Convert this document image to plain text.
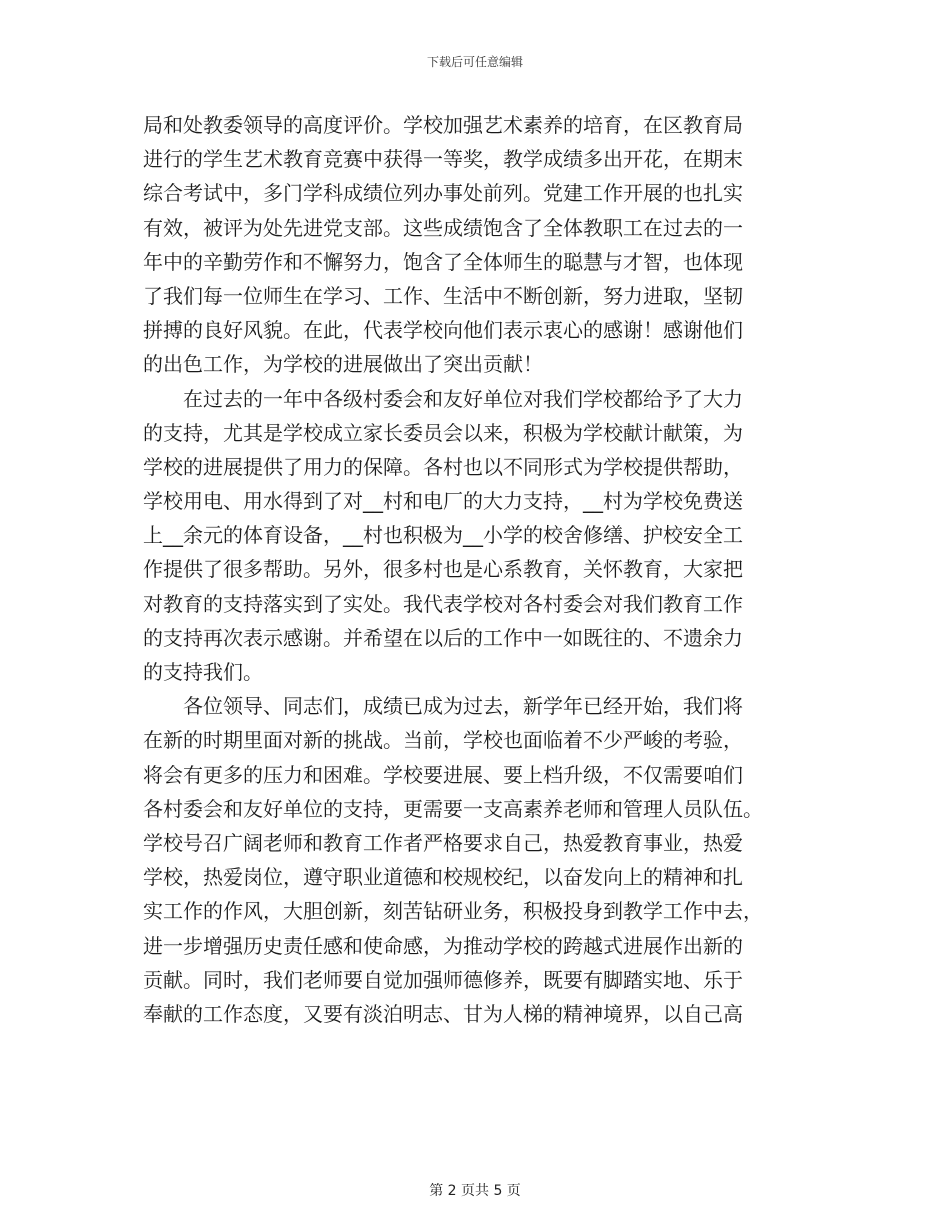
下载后可任意编辑
局和处教委领导的高度评价。学校加强艺术素养的培育，在区教育局
进行的学生艺术教育竞赛中获得一等奖，教学成绩多出开花，在期末
综合考试中，多门学科成绩位列办事处前列。党建工作开展的也扎实
有效，被评为处先进党支部。这些成绩饱含了全体教职工在过去的一
年中的辛勤劳作和不懈努力，饱含了全体师生的聪慧与才智，也体现
了我们每一位师生在学习、工作、生活中不断创新，努力进取，坚韧
拼搏的良好风貌。在此，代表学校向他们表示衷心的感谢！感谢他们
的出色工作，为学校的进展做出了突出贡献！
　　在过去的一年中各级村委会和友好单位对我们学校都给予了大力
的支持，尤其是学校成立家长委员会以来，积极为学校献计献策，为
学校的进展提供了用力的保障。各村也以不同形式为学校提供帮助，
学校用电、用水得到了对__村和电厂的大力支持，__村为学校免费送
上__余元的体育设备，__村也积极为__小学的校舍修缮、护校安全工
作提供了很多帮助。另外，很多村也是心系教育，关怀教育，大家把
对教育的支持落实到了实处。我代表学校对各村委会对我们教育工作
的支持再次表示感谢。并希望在以后的工作中一如既往的、不遗余力
的支持我们。
　　各位领导、同志们，成绩已成为过去，新学年已经开始，我们将
在新的时期里面对新的挑战。当前，学校也面临着不少严峻的考验，
将会有更多的压力和困难。学校要进展、要上档升级，不仅需要咱们
各村委会和友好单位的支持，更需要一支高素养老师和管理人员队伍。
学校号召广阔老师和教育工作者严格要求自己，热爱教育事业，热爱
学校，热爱岗位，遵守职业道德和校规校纪，以奋发向上的精神和扎
实工作的作风，大胆创新，刻苦钻研业务，积极投身到教学工作中去，
进一步增强历史责任感和使命感，为推动学校的跨越式进展作出新的
贡献。同时，我们老师要自觉加强师德修养，既要有脚踏实地、乐于
奉献的工作态度，又要有淡泊明志、甘为人梯的精神境界，以自己高
第 2 页共 5 页
